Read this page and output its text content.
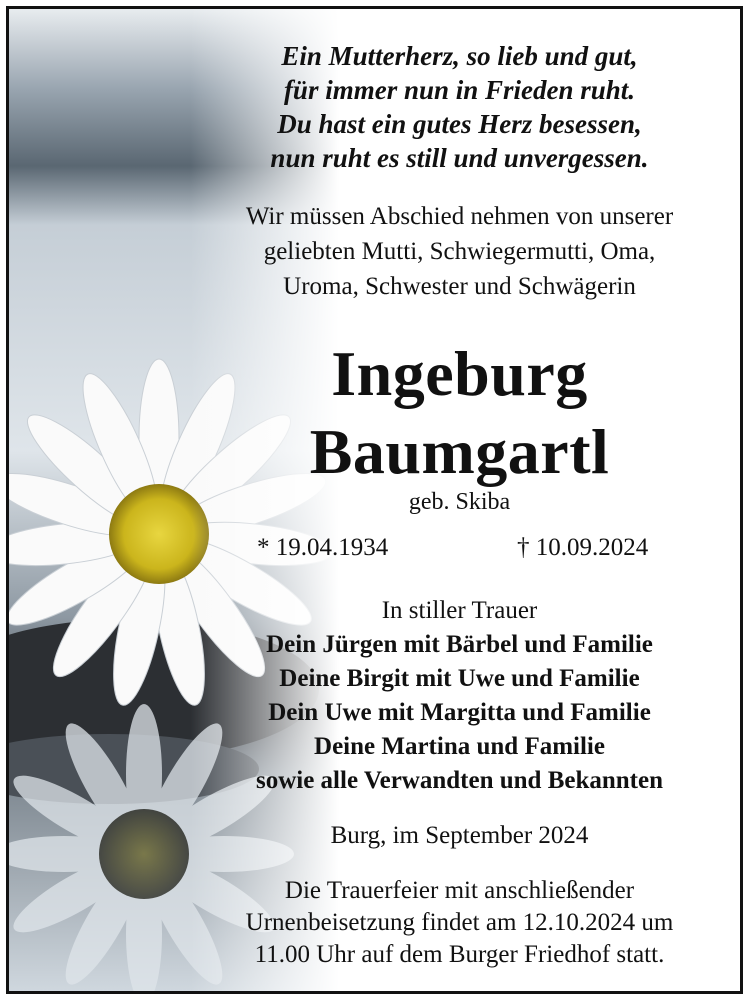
Ein Mutterherz, so lieb und gut,
für immer nun in Frieden ruht.
Du hast ein gutes Herz besessen,
nun ruht es still und unvergessen.
Wir müssen Abschied nehmen von unserer
geliebten Mutti, Schwiegermutti, Oma,
Uroma, Schwester und Schwägerin
Ingeburg
Baumgartl
geb. Skiba
* 19.04.1934	† 10.09.2024
In stiller Trauer
Dein Jürgen mit Bärbel und Familie
Deine Birgit mit Uwe und Familie
Dein Uwe mit Margitta und Familie
Deine Martina und Familie
sowie alle Verwandten und Bekannten
Burg, im September 2024
Die Trauerfeier mit anschließender
Urnenbeisetzung findet am 12.10.2024 um
11.00 Uhr auf dem Burger Friedhof statt.
